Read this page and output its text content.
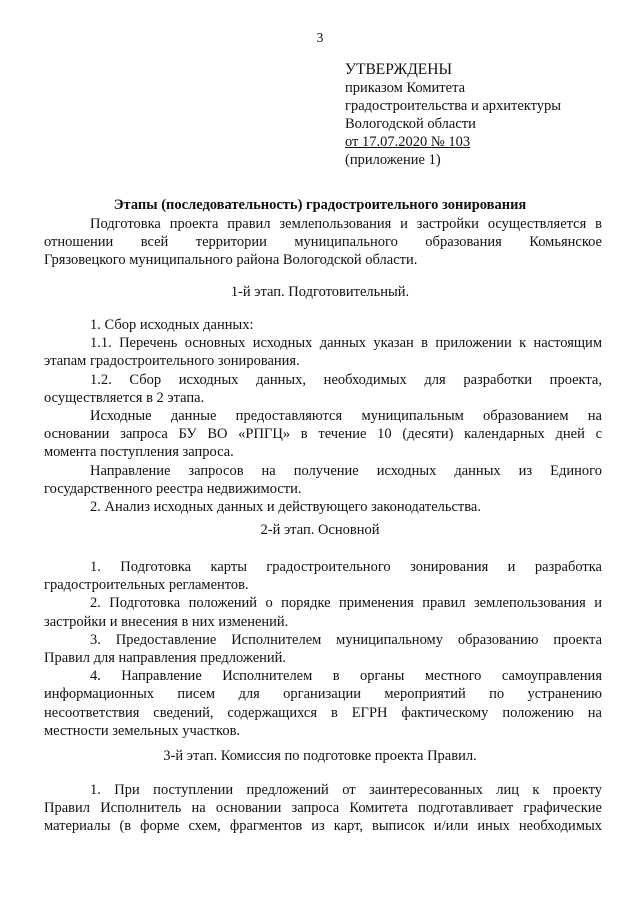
3
УТВЕРЖДЕНЫ
приказом Комитета
градостроительства и архитектуры
Вологодской области
от 17.07.2020 № 103
(приложение 1)
Этапы (последовательность) градостроительного зонирования
Подготовка проекта правил землепользования и застройки осуществляется в
отношении всей территории муниципального образования Комьянское
Грязовецкого муниципального района Вологодской области.
1-й этап. Подготовительный.
1. Сбор исходных данных:
1.1. Перечень основных исходных данных указан в приложении к настоящим
этапам градостроительного зонирования.
1.2. Сбор исходных данных, необходимых для разработки проекта,
осуществляется в 2 этапа.
Исходные данные предоставляются муниципальным образованием на
основании запроса БУ ВО «РПГЦ» в течение 10 (десяти) календарных дней с
момента поступления запроса.
Направление запросов на получение исходных данных из Единого
государственного реестра недвижимости.
2. Анализ исходных данных и действующего законодательства.
2-й этап. Основной
1. Подготовка карты градостроительного зонирования и разработка
градостроительных регламентов.
2. Подготовка положений о порядке применения правил землепользования и
застройки и внесения в них изменений.
3. Предоставление Исполнителем муниципальному образованию проекта
Правил для направления предложений.
4. Направление Исполнителем в органы местного самоуправления
информационных писем для организации мероприятий по устранению
несоответствия сведений, содержащихся в ЕГРН фактическому положению на
местности земельных участков.
3-й этап. Комиссия по подготовке проекта Правил.
1. При поступлении предложений от заинтересованных лиц к проекту
Правил Исполнитель на основании запроса Комитета подготавливает графические
материалы (в форме схем, фрагментов из карт, выписок и/или иных необходимых
